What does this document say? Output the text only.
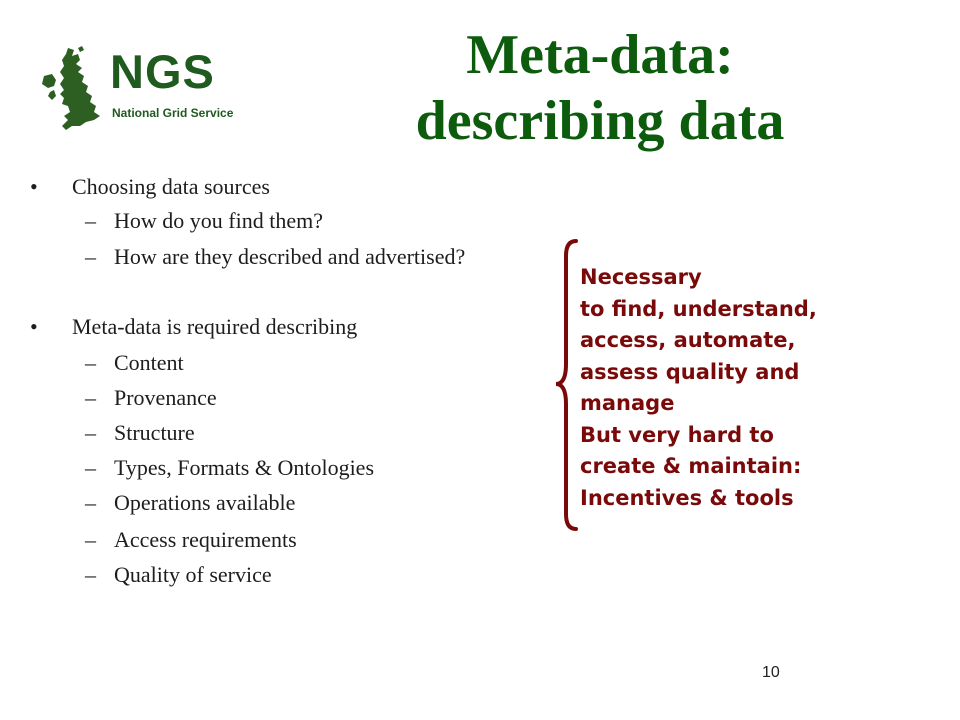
NGS
National Grid Service
Meta-data:
describing data
• Choosing data sources
– How do you find them?
– How are they described and advertised?
• Meta-data is required describing
– Content
– Provenance
– Structure
– Types, Formats & Ontologies
– Operations available
– Access requirements
– Quality of service
Necessary
to find, understand,
access, automate,
assess quality and
manage
But very hard to
create & maintain:
Incentives & tools
10
